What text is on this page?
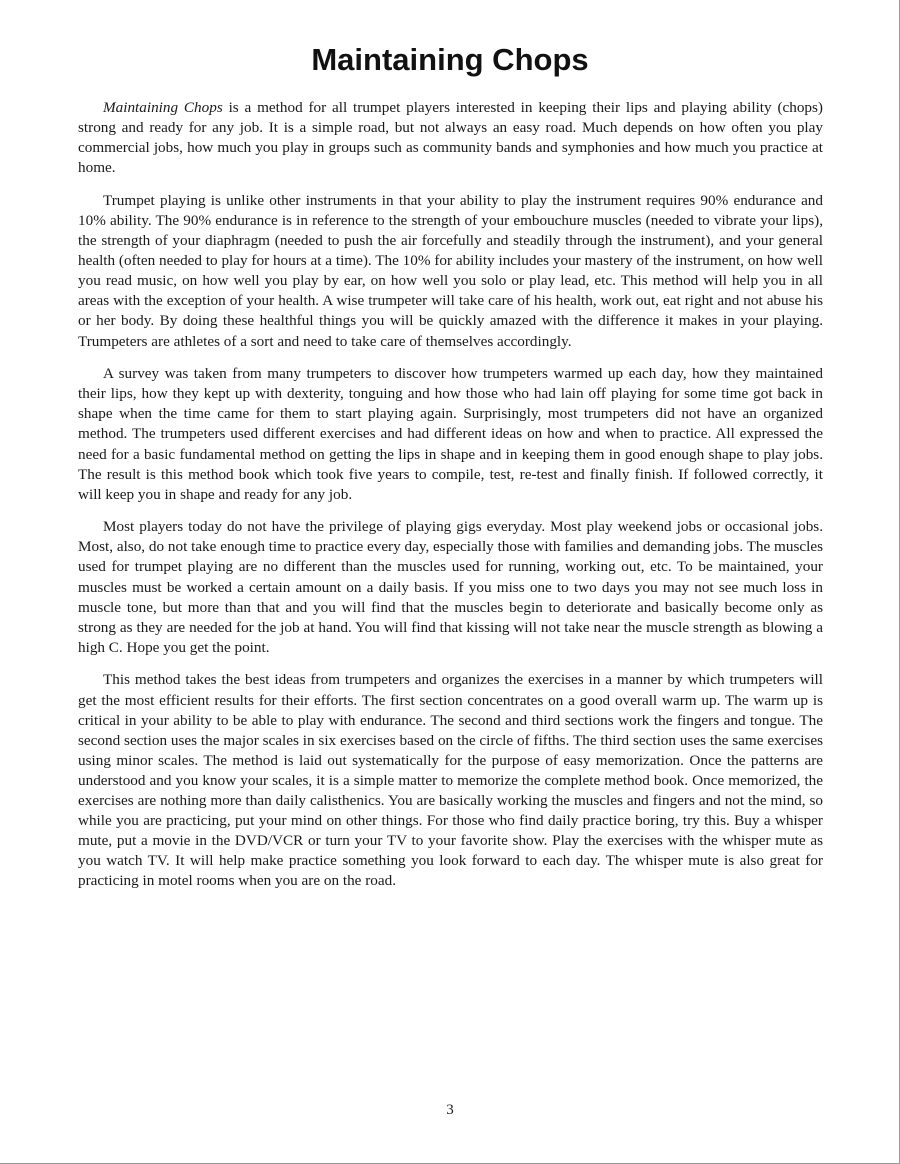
Maintaining Chops

Maintaining Chops is a method for all trumpet players interested in keeping their lips and playing ability (chops) strong and ready for any job. It is a simple road, but not always an easy road. Much depends on how often you play commercial jobs, how much you play in groups such as community bands and symphonies and how much you practice at home.

Trumpet playing is unlike other instruments in that your ability to play the instrument requires 90% endurance and 10% ability. The 90% endurance is in reference to the strength of your embouchure muscles (needed to vibrate your lips), the strength of your diaphragm (needed to push the air forcefully and steadily through the instrument), and your general health (often needed to play for hours at a time). The 10% for ability includes your mastery of the instrument, on how well you read music, on how well you play by ear, on how well you solo or play lead, etc. This method will help you in all areas with the exception of your health. A wise trumpeter will take care of his health, work out, eat right and not abuse his or her body. By doing these healthful things you will be quickly amazed with the difference it makes in your playing. Trumpeters are athletes of a sort and need to take care of themselves accordingly.

A survey was taken from many trumpeters to discover how trumpeters warmed up each day, how they maintained their lips, how they kept up with dexterity, tonguing and how those who had lain off playing for some time got back in shape when the time came for them to start playing again. Surprisingly, most trumpeters did not have an organized method. The trumpeters used different exercises and had different ideas on how and when to practice. All expressed the need for a basic fundamental method on getting the lips in shape and in keeping them in good enough shape to play jobs. The result is this method book which took five years to compile, test, re-test and finally finish. If followed correctly, it will keep you in shape and ready for any job.

Most players today do not have the privilege of playing gigs everyday. Most play weekend jobs or occasional jobs. Most, also, do not take enough time to practice every day, especially those with families and demanding jobs. The muscles used for trumpet playing are no different than the muscles used for running, working out, etc. To be maintained, your muscles must be worked a certain amount on a daily basis. If you miss one to two days you may not see much loss in muscle tone, but more than that and you will find that the muscles begin to deteriorate and basically become only as strong as they are needed for the job at hand. You will find that kissing will not take near the muscle strength as blowing a high C. Hope you get the point.

This method takes the best ideas from trumpeters and organizes the exercises in a manner by which trumpeters will get the most efficient results for their efforts. The first section concentrates on a good overall warm up. The warm up is critical in your ability to be able to play with endurance. The second and third sections work the fingers and tongue. The second section uses the major scales in six exercises based on the circle of fifths. The third section uses the same exercises using minor scales. The method is laid out systematically for the purpose of easy memorization. Once the patterns are understood and you know your scales, it is a simple matter to memorize the complete method book. Once memorized, the exercises are nothing more than daily calisthenics. You are basically working the muscles and fingers and not the mind, so while you are practicing, put your mind on other things. For those who find daily practice boring, try this. Buy a whisper mute, put a movie in the DVD/VCR or turn your TV to your favorite show. Play the exercises with the whisper mute as you watch TV. It will help make practice something you look forward to each day. The whisper mute is also great for practicing in motel rooms when you are on the road.

3
